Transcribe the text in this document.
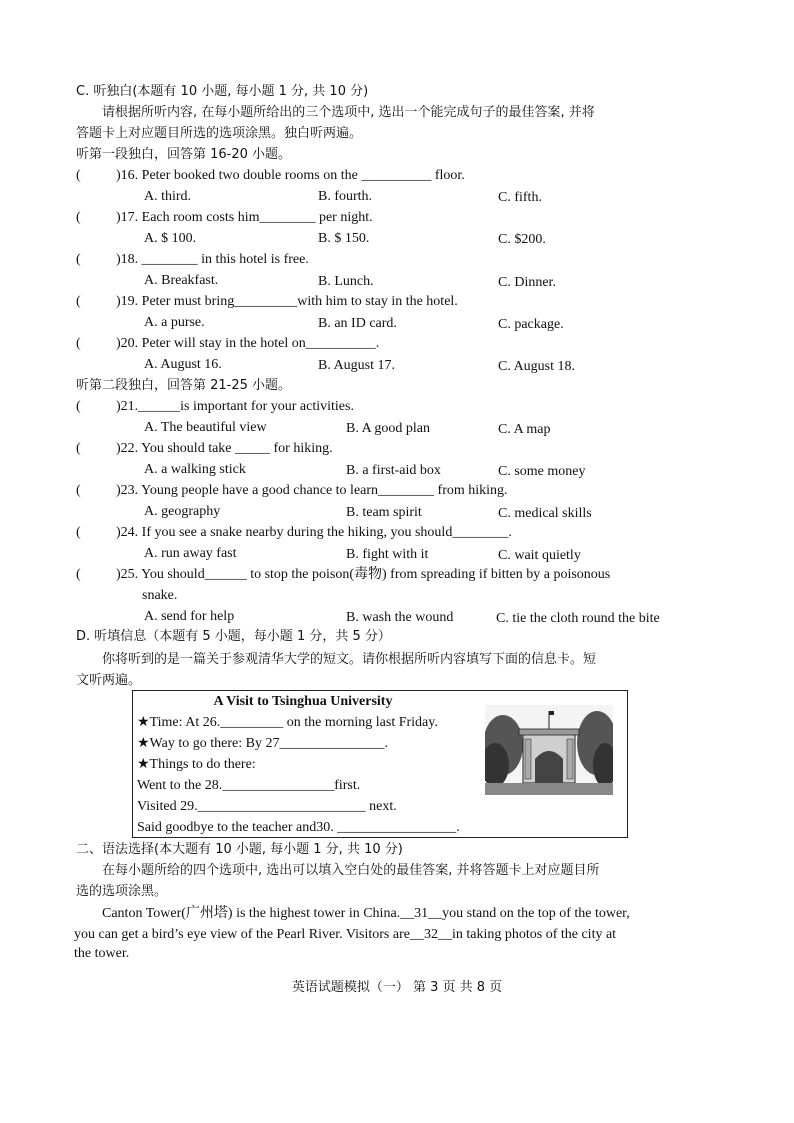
C. 听独白(本题有 10 小题, 每小题 1 分, 共 10 分)
请根据所听内容, 在每小题所给出的三个选项中, 选出一个能完成句子的最佳答案, 并将
答题卡上对应题目所选的选项涂黑。独白听两遍。
听第一段独白，回答第 16-20 小题。
(	)16. Peter booked two double rooms on the __________ floor.
A. third.	B. fourth.	C. fifth.
(	)17. Each room costs him________ per night.
A. $ 100.	B. $ 150.	C. $200.
(	)18. ________ in this hotel is free.
A. Breakfast.	B. Lunch.	C. Dinner.
(	)19. Peter must bring_________with him to stay in the hotel.
A. a purse.	B. an ID card.	C. package.
(	)20. Peter will stay in the hotel on__________.
A. August 16.	B. August 17.	C. August 18.
听第二段独白，回答第 21-25 小题。
(	)21.______is important for your activities.
A. The beautiful view	B. A good plan	C. A map
(	)22. You should take _____ for hiking.
A. a walking stick	B. a first-aid box	C. some money
(	)23. Young people have a good chance to learn________ from hiking.
A. geography	B. team spirit	C. medical skills
(	)24. If you see a snake nearby during the hiking, you should________.
A. run away fast	B. fight with it	C. wait quietly
(	)25. You should______ to stop the poison(毒物) from spreading if bitten by a poisonous
snake.
A. send for help	B. wash the wound	C. tie the cloth round the bite
D. 听填信息（本题有 5 小题，每小题 1 分，共 5 分）
你将听到的是一篇关于参观清华大学的短文。请你根据所听内容填写下面的信息卡。短
文听两遍。
A Visit to Tsinghua University
★Time: At 26._________ on the morning last Friday.
★Way to go there: By 27_______________.
★Things to do there:
Went to the 28.________________first.
Visited 29.________________________ next.
Said goodbye to the teacher and30. _________________.
二、语法选择(本大题有 10 小题, 每小题 1 分, 共 10 分)
在每小题所给的四个选项中, 选出可以填入空白处的最佳答案, 并将答题卡上对应题目所
选的选项涂黑。
Canton Tower(广州塔) is the highest tower in China.__31__you stand on the top of the tower,
you can get a bird’s eye view of the Pearl River. Visitors are__32__in taking photos of the city at
the tower.
英语试题模拟（一） 第 3 页 共 8 页
